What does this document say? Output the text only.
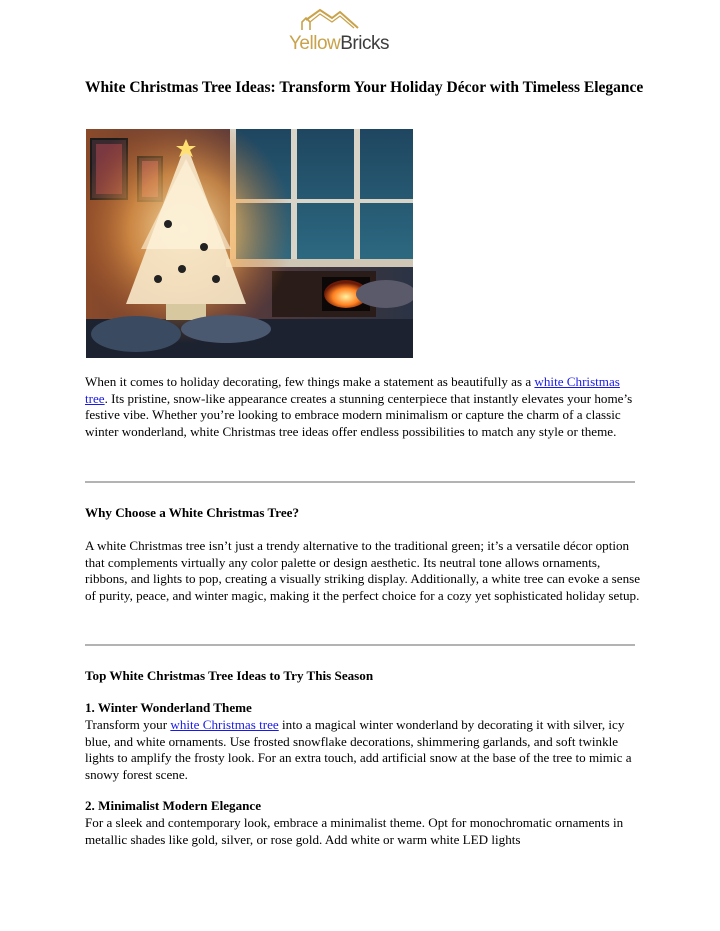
YellowBricks
White Christmas Tree Ideas: Transform Your Holiday Décor with Timeless Elegance

When it comes to holiday decorating, few things make a statement as beautifully as a white Christmas tree. Its pristine, snow-like appearance creates a stunning centerpiece that instantly elevates your home’s festive vibe. Whether you’re looking to embrace modern minimalism or capture the charm of a classic winter wonderland, white Christmas tree ideas offer endless possibilities to match any style or theme.

Why Choose a White Christmas Tree?

A white Christmas tree isn’t just a trendy alternative to the traditional green; it’s a versatile décor option that complements virtually any color palette or design aesthetic. Its neutral tone allows ornaments, ribbons, and lights to pop, creating a visually striking display. Additionally, a white tree can evoke a sense of purity, peace, and winter magic, making it the perfect choice for a cozy yet sophisticated holiday setup.

Top White Christmas Tree Ideas to Try This Season
1. Winter Wonderland Theme

Transform your white Christmas tree into a magical winter wonderland by decorating it with silver, icy blue, and white ornaments. Use frosted snowflake decorations, shimmering garlands, and soft twinkle lights to amplify the frosty look. For an extra touch, add artificial snow at the base of the tree to mimic a snowy forest scene.

2. Minimalist Modern Elegance

For a sleek and contemporary look, embrace a minimalist theme. Opt for monochromatic ornaments in metallic shades like gold, silver, or rose gold. Add white or warm white LED lights
